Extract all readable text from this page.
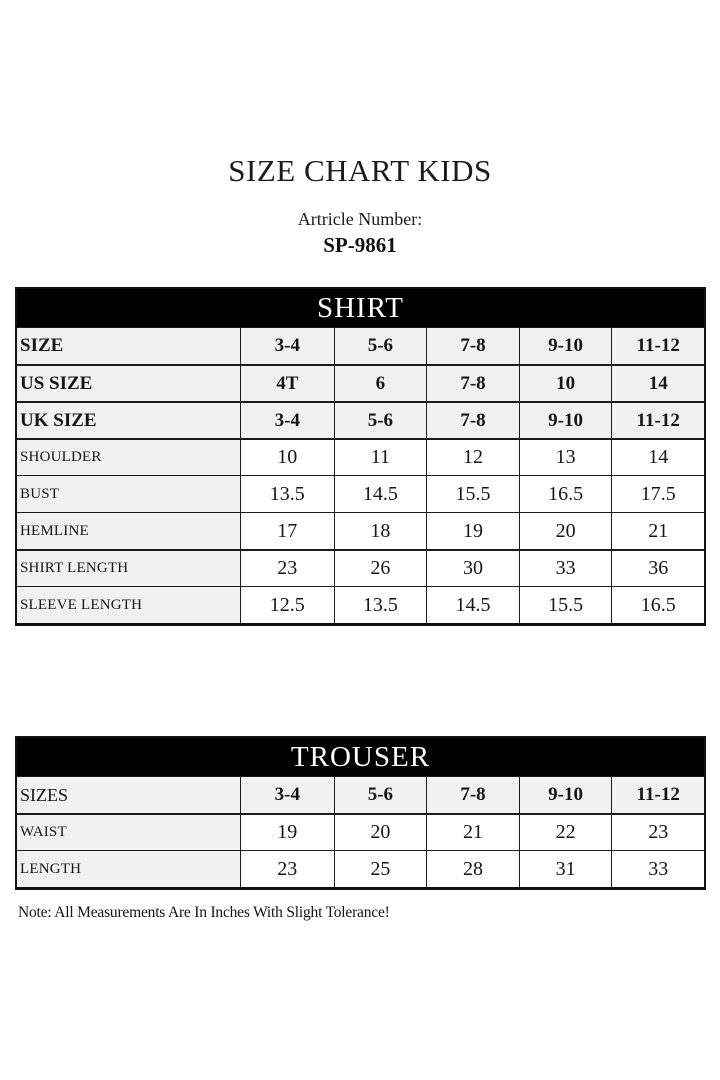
SIZE CHART KIDS
Artricle Number:
SP-9861
SHIRT
SIZE	3-4	5-6	7-8	9-10	11-12
US SIZE	4T	6	7-8	10	14
UK SIZE	3-4	5-6	7-8	9-10	11-12
SHOULDER	10	11	12	13	14
BUST	13.5	14.5	15.5	16.5	17.5
HEMLINE	17	18	19	20	21
SHIRT LENGTH	23	26	30	33	36
SLEEVE LENGTH	12.5	13.5	14.5	15.5	16.5
TROUSER
SIZES	3-4	5-6	7-8	9-10	11-12
WAIST	19	20	21	22	23
LENGTH	23	25	28	31	33
Note: All Measurements Are In Inches With Slight Tolerance!
